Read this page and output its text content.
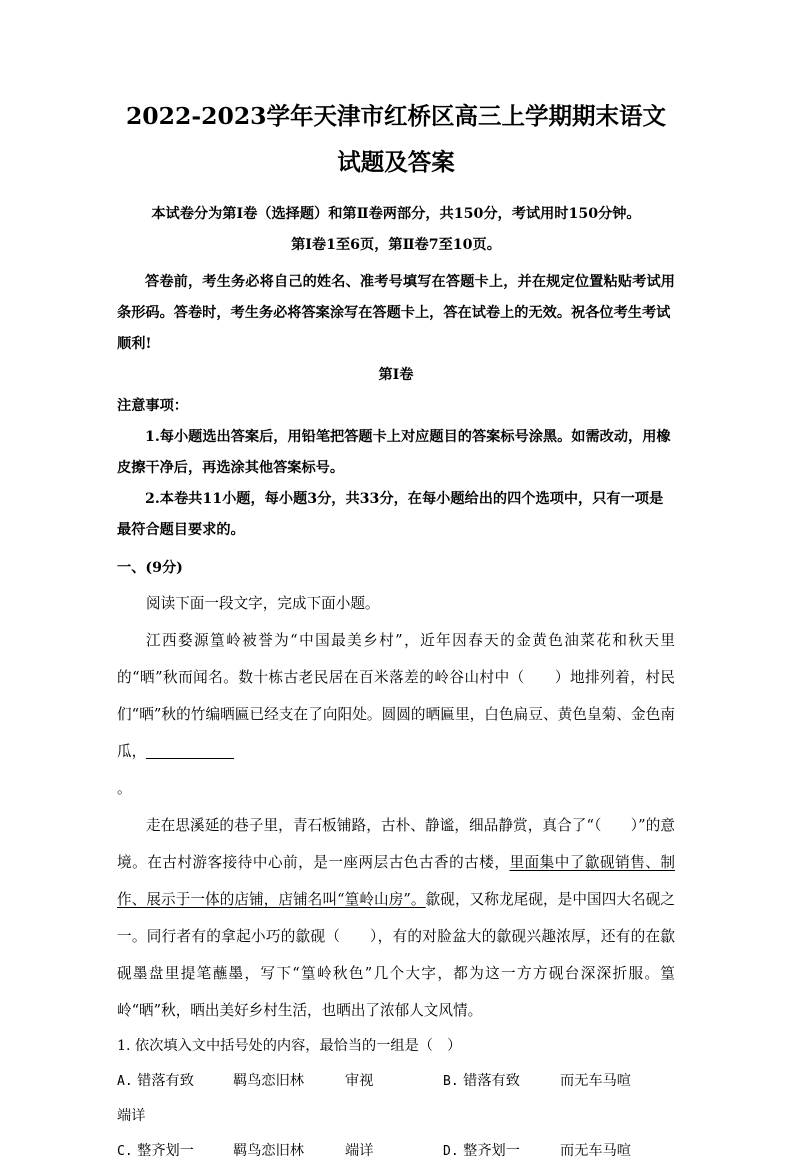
2022-2023学年天津市红桥区高三上学期期末语文试题及答案

本试卷分为第Ⅰ卷（选择题）和第Ⅱ卷两部分，共150分，考试用时150分钟。

第Ⅰ卷1至6页，第Ⅱ卷7至10页。

答卷前，考生务必将自己的姓名、准考号填写在答题卡上，并在规定位置粘贴考试用条形码。答卷时，考生务必将答案涂写在答题卡上，答在试卷上的无效。祝各位考生考试

顺利!

第Ⅰ卷

注意事项：

1.每小题选出答案后，用铅笔把答题卡上对应题目的答案标号涂黑。如需改动，用橡

皮擦干净后，再选涂其他答案标号。

2.本卷共11小题，每小题3分，共33分，在每小题给出的四个选项中，只有一项是

最符合题目要求的。

一、(9分)

阅读下面一段文字，完成下面小题。

江西婺源篁岭被誉为“中国最美乡村”，近年因春天的金黄色油菜花和秋天里的“晒”秋而闻名。数十栋古老民居在百米落差的岭谷山村中（　　 ）地排列着，村民们“晒”秋的竹编晒匾已经支在了向阳处。圆圆的晒匾里，白色扁豆、黄色皇菊、金色南瓜，

。

走在思溪延的巷子里，青石板铺路，古朴、静谧，细品静赏，真合了“（　　 ）”的意境。在古村游客接待中心前，是一座两层古色古香的古楼，里面集中了歙砚销售、制作、展示于一体的店铺，店铺名叫“篁岭山房”。歙砚，又称龙尾砚，是中国四大名砚之一。同行者有的拿起小巧的歙砚（　　 ），有的对脸盆大的歙砚兴趣浓厚，还有的在歙砚墨盘里提笔蘸墨，写下“篁岭秋色”几个大字，都为这一方方砚台深深折服。篁岭“晒”秋，晒出美好乡村生活，也晒出了浓郁人文风情。

1. 依次填入文中括号处的内容，最恰当的一组是（　）

A. 错落有致	羁鸟恋旧林	审视	B. 错落有致	而无车马喧

端详

C. 整齐划一	羁鸟恋旧林	端详	D. 整齐划一	而无车马喧
